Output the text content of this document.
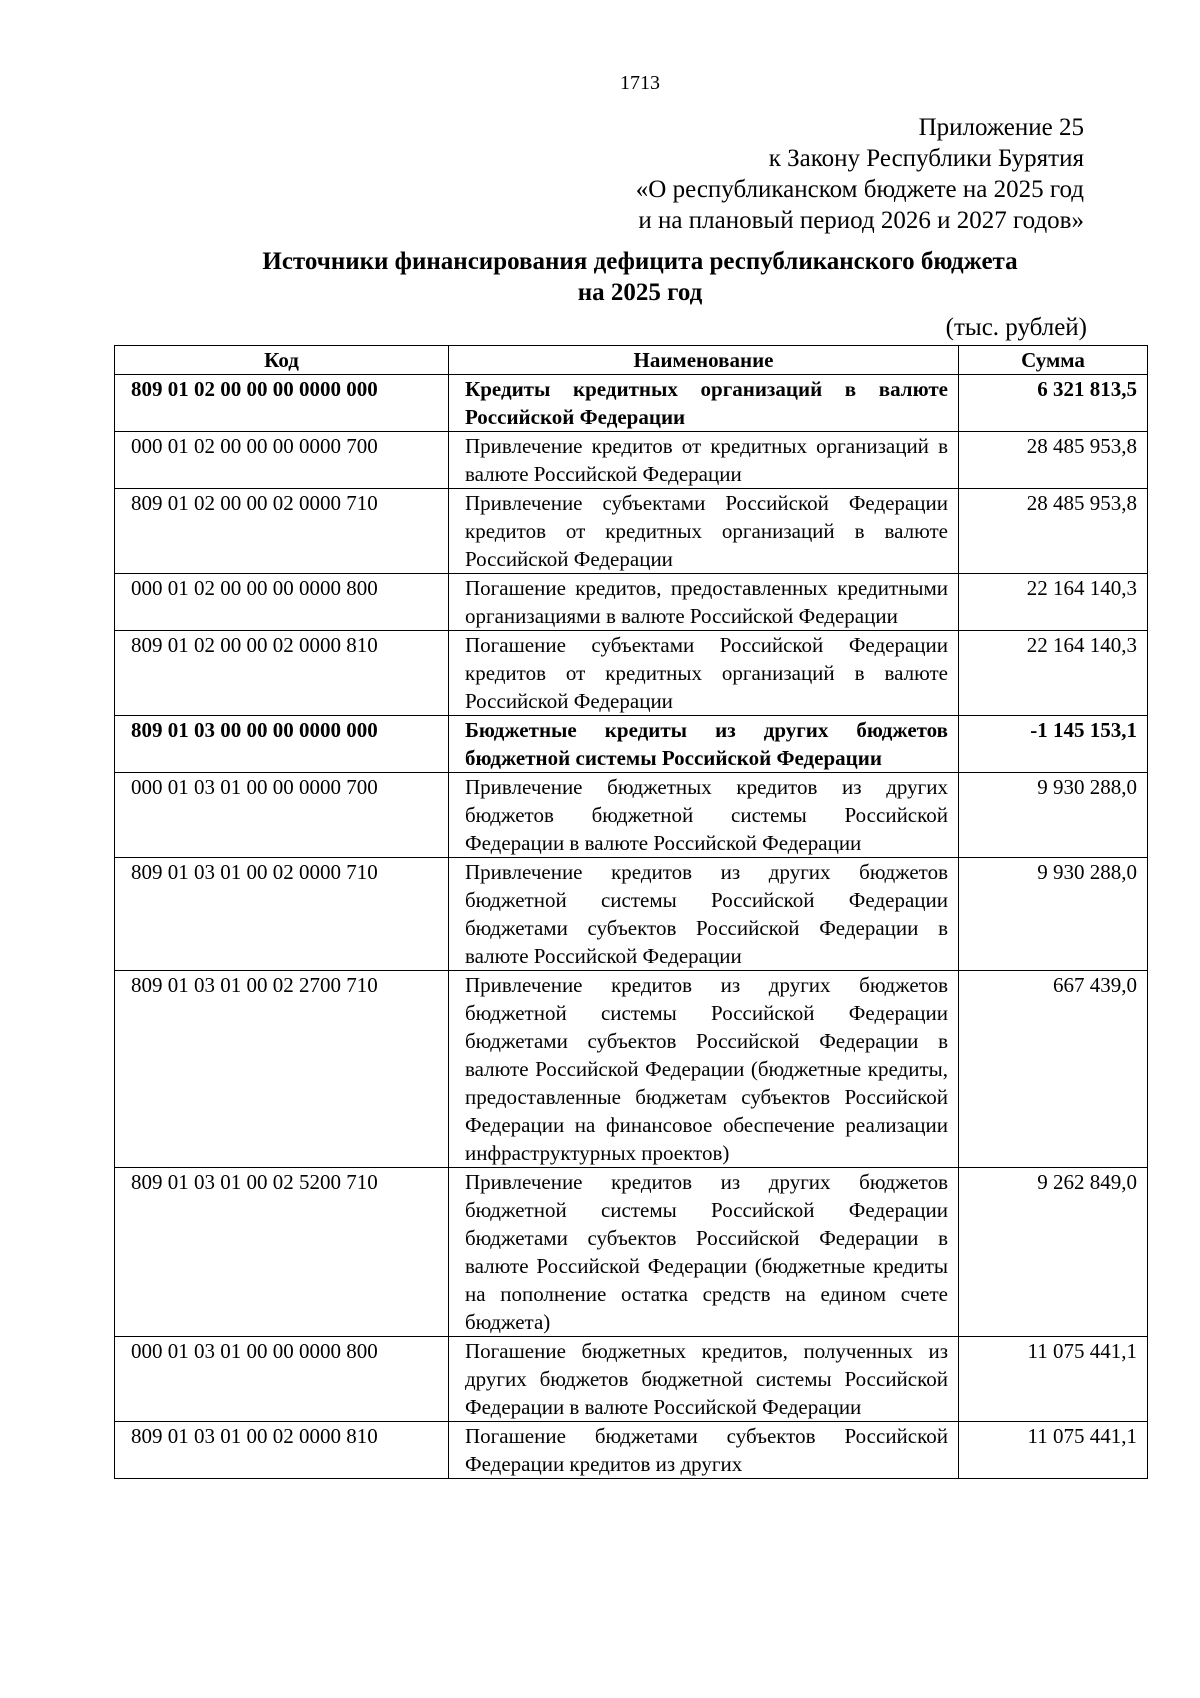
1713
Приложение 25
к Закону Республики Бурятия
«О республиканском бюджете на 2025 год
и на плановый период 2026 и 2027 годов»
Источники финансирования дефицита республиканского бюджета
на 2025 год
(тыс. рублей)
Код	Наименование	Сумма
809 01 02 00 00 00 0000 000	Кредиты кредитных организаций в валюте Российской Федерации	6 321 813,5
000 01 02 00 00 00 0000 700	Привлечение кредитов от кредитных организаций в валюте Российской Федерации	28 485 953,8
809 01 02 00 00 02 0000 710	Привлечение субъектами Российской Федерации кредитов от кредитных организаций в валюте Российской Федерации	28 485 953,8
000 01 02 00 00 00 0000 800	Погашение кредитов, предоставленных кредитными организациями в валюте Российской Федерации	22 164 140,3
809 01 02 00 00 02 0000 810	Погашение субъектами Российской Федерации кредитов от кредитных организаций в валюте Российской Федерации	22 164 140,3
809 01 03 00 00 00 0000 000	Бюджетные кредиты из других бюджетов бюджетной системы Российской Федерации	-1 145 153,1
000 01 03 01 00 00 0000 700	Привлечение бюджетных кредитов из других бюджетов бюджетной системы Российской Федерации в валюте Российской Федерации	9 930 288,0
809 01 03 01 00 02 0000 710	Привлечение кредитов из других бюджетов бюджетной системы Российской Федерации бюджетами субъектов Российской Федерации в валюте Российской Федерации	9 930 288,0
809 01 03 01 00 02 2700 710	Привлечение кредитов из других бюджетов бюджетной системы Российской Федерации бюджетами субъектов Российской Федерации в валюте Российской Федерации (бюджетные кредиты, предоставленные бюджетам субъектов Российской Федерации на финансовое обеспечение реализации инфраструктурных проектов)	667 439,0
809 01 03 01 00 02 5200 710	Привлечение кредитов из других бюджетов бюджетной системы Российской Федерации бюджетами субъектов Российской Федерации в валюте Российской Федерации (бюджетные кредиты на пополнение остатка средств на едином счете бюджета)	9 262 849,0
000 01 03 01 00 00 0000 800	Погашение бюджетных кредитов, полученных из других бюджетов бюджетной системы Российской Федерации в валюте Российской Федерации	11 075 441,1
809 01 03 01 00 02 0000 810	Погашение бюджетами субъектов Российской Федерации кредитов из других	11 075 441,1
